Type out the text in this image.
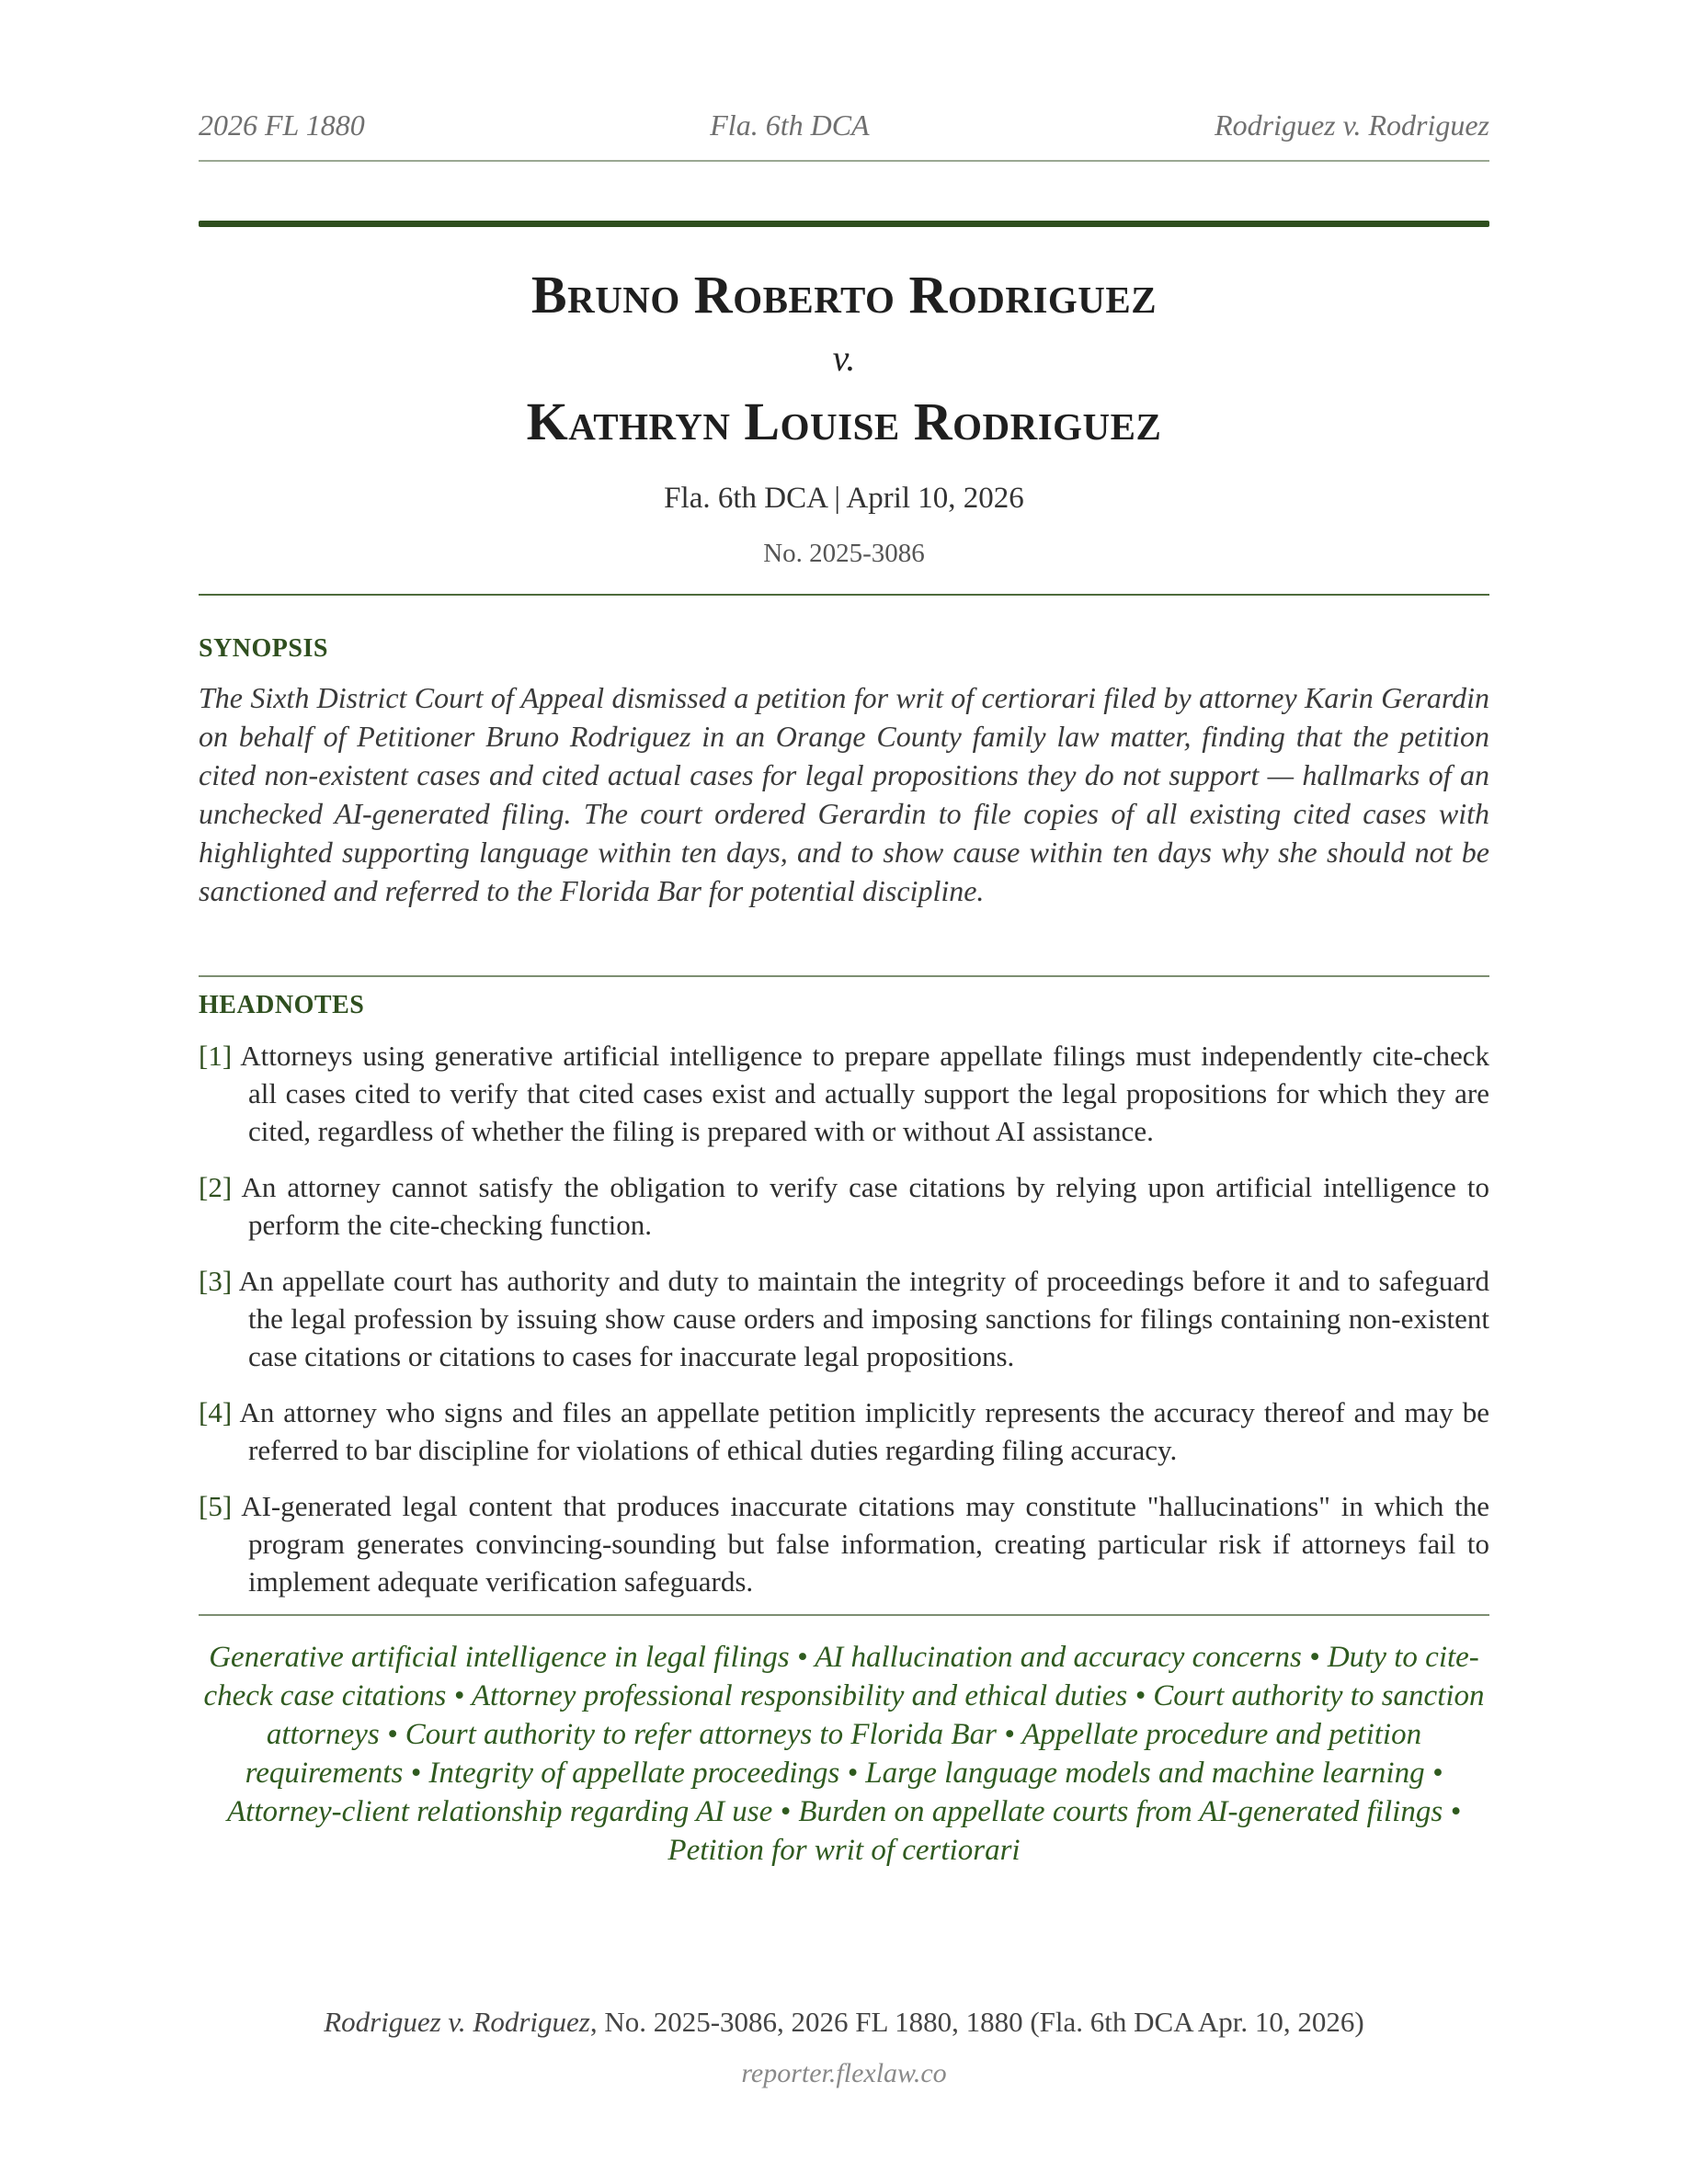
2026 FL 1880	Fla. 6th DCA	Rodriguez v. Rodriguez
Bruno Roberto Rodriguez
v.
Kathryn Louise Rodriguez
Fla. 6th DCA | April 10, 2026
No. 2025-3086
SYNOPSIS

The Sixth District Court of Appeal dismissed a petition for writ of certiorari filed by attorney Karin Gerardin on behalf of Petitioner Bruno Rodriguez in an Orange County family law matter, finding that the petition cited non-existent cases and cited actual cases for legal propositions they do not support — hallmarks of an unchecked AI-generated filing. The court ordered Gerardin to file copies of all existing cited cases with highlighted supporting language within ten days, and to show cause within ten days why she should not be sanctioned and referred to the Florida Bar for potential discipline.

HEADNOTES
[1] Attorneys using generative artificial intelligence to prepare appellate filings must independently cite-check all cases cited to verify that cited cases exist and actually support the legal propositions for which they are cited, regardless of whether the filing is prepared with or without AI assistance.
[2] An attorney cannot satisfy the obligation to verify case citations by relying upon artificial intelligence to perform the cite-checking function.
[3] An appellate court has authority and duty to maintain the integrity of proceedings before it and to safeguard the legal profession by issuing show cause orders and imposing sanctions for filings containing non-existent case citations or citations to cases for inaccurate legal propositions.
[4] An attorney who signs and files an appellate petition implicitly represents the accuracy thereof and may be referred to bar discipline for violations of ethical duties regarding filing accuracy.
[5] AI-generated legal content that produces inaccurate citations may constitute "hallucinations" in which the program generates convincing-sounding but false information, creating particular risk if attorneys fail to implement adequate verification safeguards.

Generative artificial intelligence in legal filings • AI hallucination and accuracy concerns • Duty to cite-check case citations • Attorney professional responsibility and ethical duties • Court authority to sanction attorneys • Court authority to refer attorneys to Florida Bar • Appellate procedure and petition requirements • Integrity of appellate proceedings • Large language models and machine learning • Attorney-client relationship regarding AI use • Burden on appellate courts from AI-generated filings • Petition for writ of certiorari

Rodriguez v. Rodriguez, No. 2025-3086, 2026 FL 1880, 1880 (Fla. 6th DCA Apr. 10, 2026)
reporter.flexlaw.co
